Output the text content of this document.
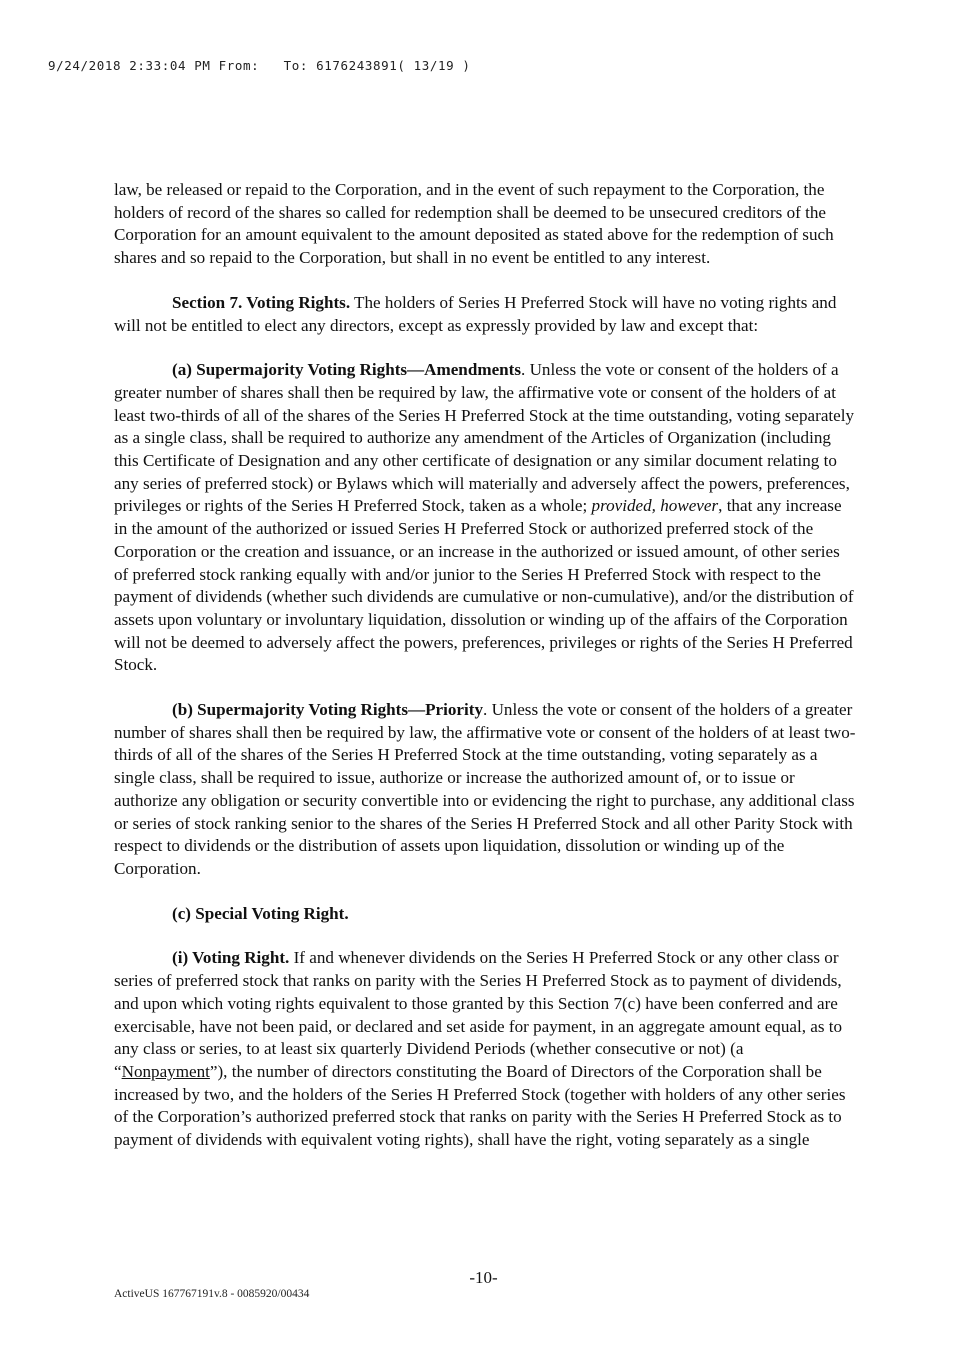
9/24/2018 2:33:04 PM From:   To: 6176243891( 13/19 )

law, be released or repaid to the Corporation, and in the event of such repayment to the Corporation, the holders of record of the shares so called for redemption shall be deemed to be unsecured creditors of the Corporation for an amount equivalent to the amount deposited as stated above for the redemption of such shares and so repaid to the Corporation, but shall in no event be entitled to any interest.

Section 7. Voting Rights. The holders of Series H Preferred Stock will have no voting rights and will not be entitled to elect any directors, except as expressly provided by law and except that:

(a) Supermajority Voting Rights—Amendments. Unless the vote or consent of the holders of a greater number of shares shall then be required by law, the affirmative vote or consent of the holders of at least two-thirds of all of the shares of the Series H Preferred Stock at the time outstanding, voting separately as a single class, shall be required to authorize any amendment of the Articles of Organization (including this Certificate of Designation and any other certificate of designation or any similar document relating to any series of preferred stock) or Bylaws which will materially and adversely affect the powers, preferences, privileges or rights of the Series H Preferred Stock, taken as a whole; provided, however, that any increase in the amount of the authorized or issued Series H Preferred Stock or authorized preferred stock of the Corporation or the creation and issuance, or an increase in the authorized or issued amount, of other series of preferred stock ranking equally with and/or junior to the Series H Preferred Stock with respect to the payment of dividends (whether such dividends are cumulative or non-cumulative), and/or the distribution of assets upon voluntary or involuntary liquidation, dissolution or winding up of the affairs of the Corporation will not be deemed to adversely affect the powers, preferences, privileges or rights of the Series H Preferred Stock.

(b) Supermajority Voting Rights—Priority. Unless the vote or consent of the holders of a greater number of shares shall then be required by law, the affirmative vote or consent of the holders of at least two-thirds of all of the shares of the Series H Preferred Stock at the time outstanding, voting separately as a single class, shall be required to issue, authorize or increase the authorized amount of, or to issue or authorize any obligation or security convertible into or evidencing the right to purchase, any additional class or series of stock ranking senior to the shares of the Series H Preferred Stock and all other Parity Stock with respect to dividends or the distribution of assets upon liquidation, dissolution or winding up of the Corporation.

(c) Special Voting Right.

(i) Voting Right. If and whenever dividends on the Series H Preferred Stock or any other class or series of preferred stock that ranks on parity with the Series H Preferred Stock as to payment of dividends, and upon which voting rights equivalent to those granted by this Section 7(c) have been conferred and are exercisable, have not been paid, or declared and set aside for payment, in an aggregate amount equal, as to any class or series, to at least six quarterly Dividend Periods (whether consecutive or not) (a “Nonpayment”), the number of directors constituting the Board of Directors of the Corporation shall be increased by two, and the holders of the Series H Preferred Stock (together with holders of any other series of the Corporation’s authorized preferred stock that ranks on parity with the Series H Preferred Stock as to payment of dividends with equivalent voting rights), shall have the right, voting separately as a single

-10-
ActiveUS 167767191v.8 - 0085920/00434
